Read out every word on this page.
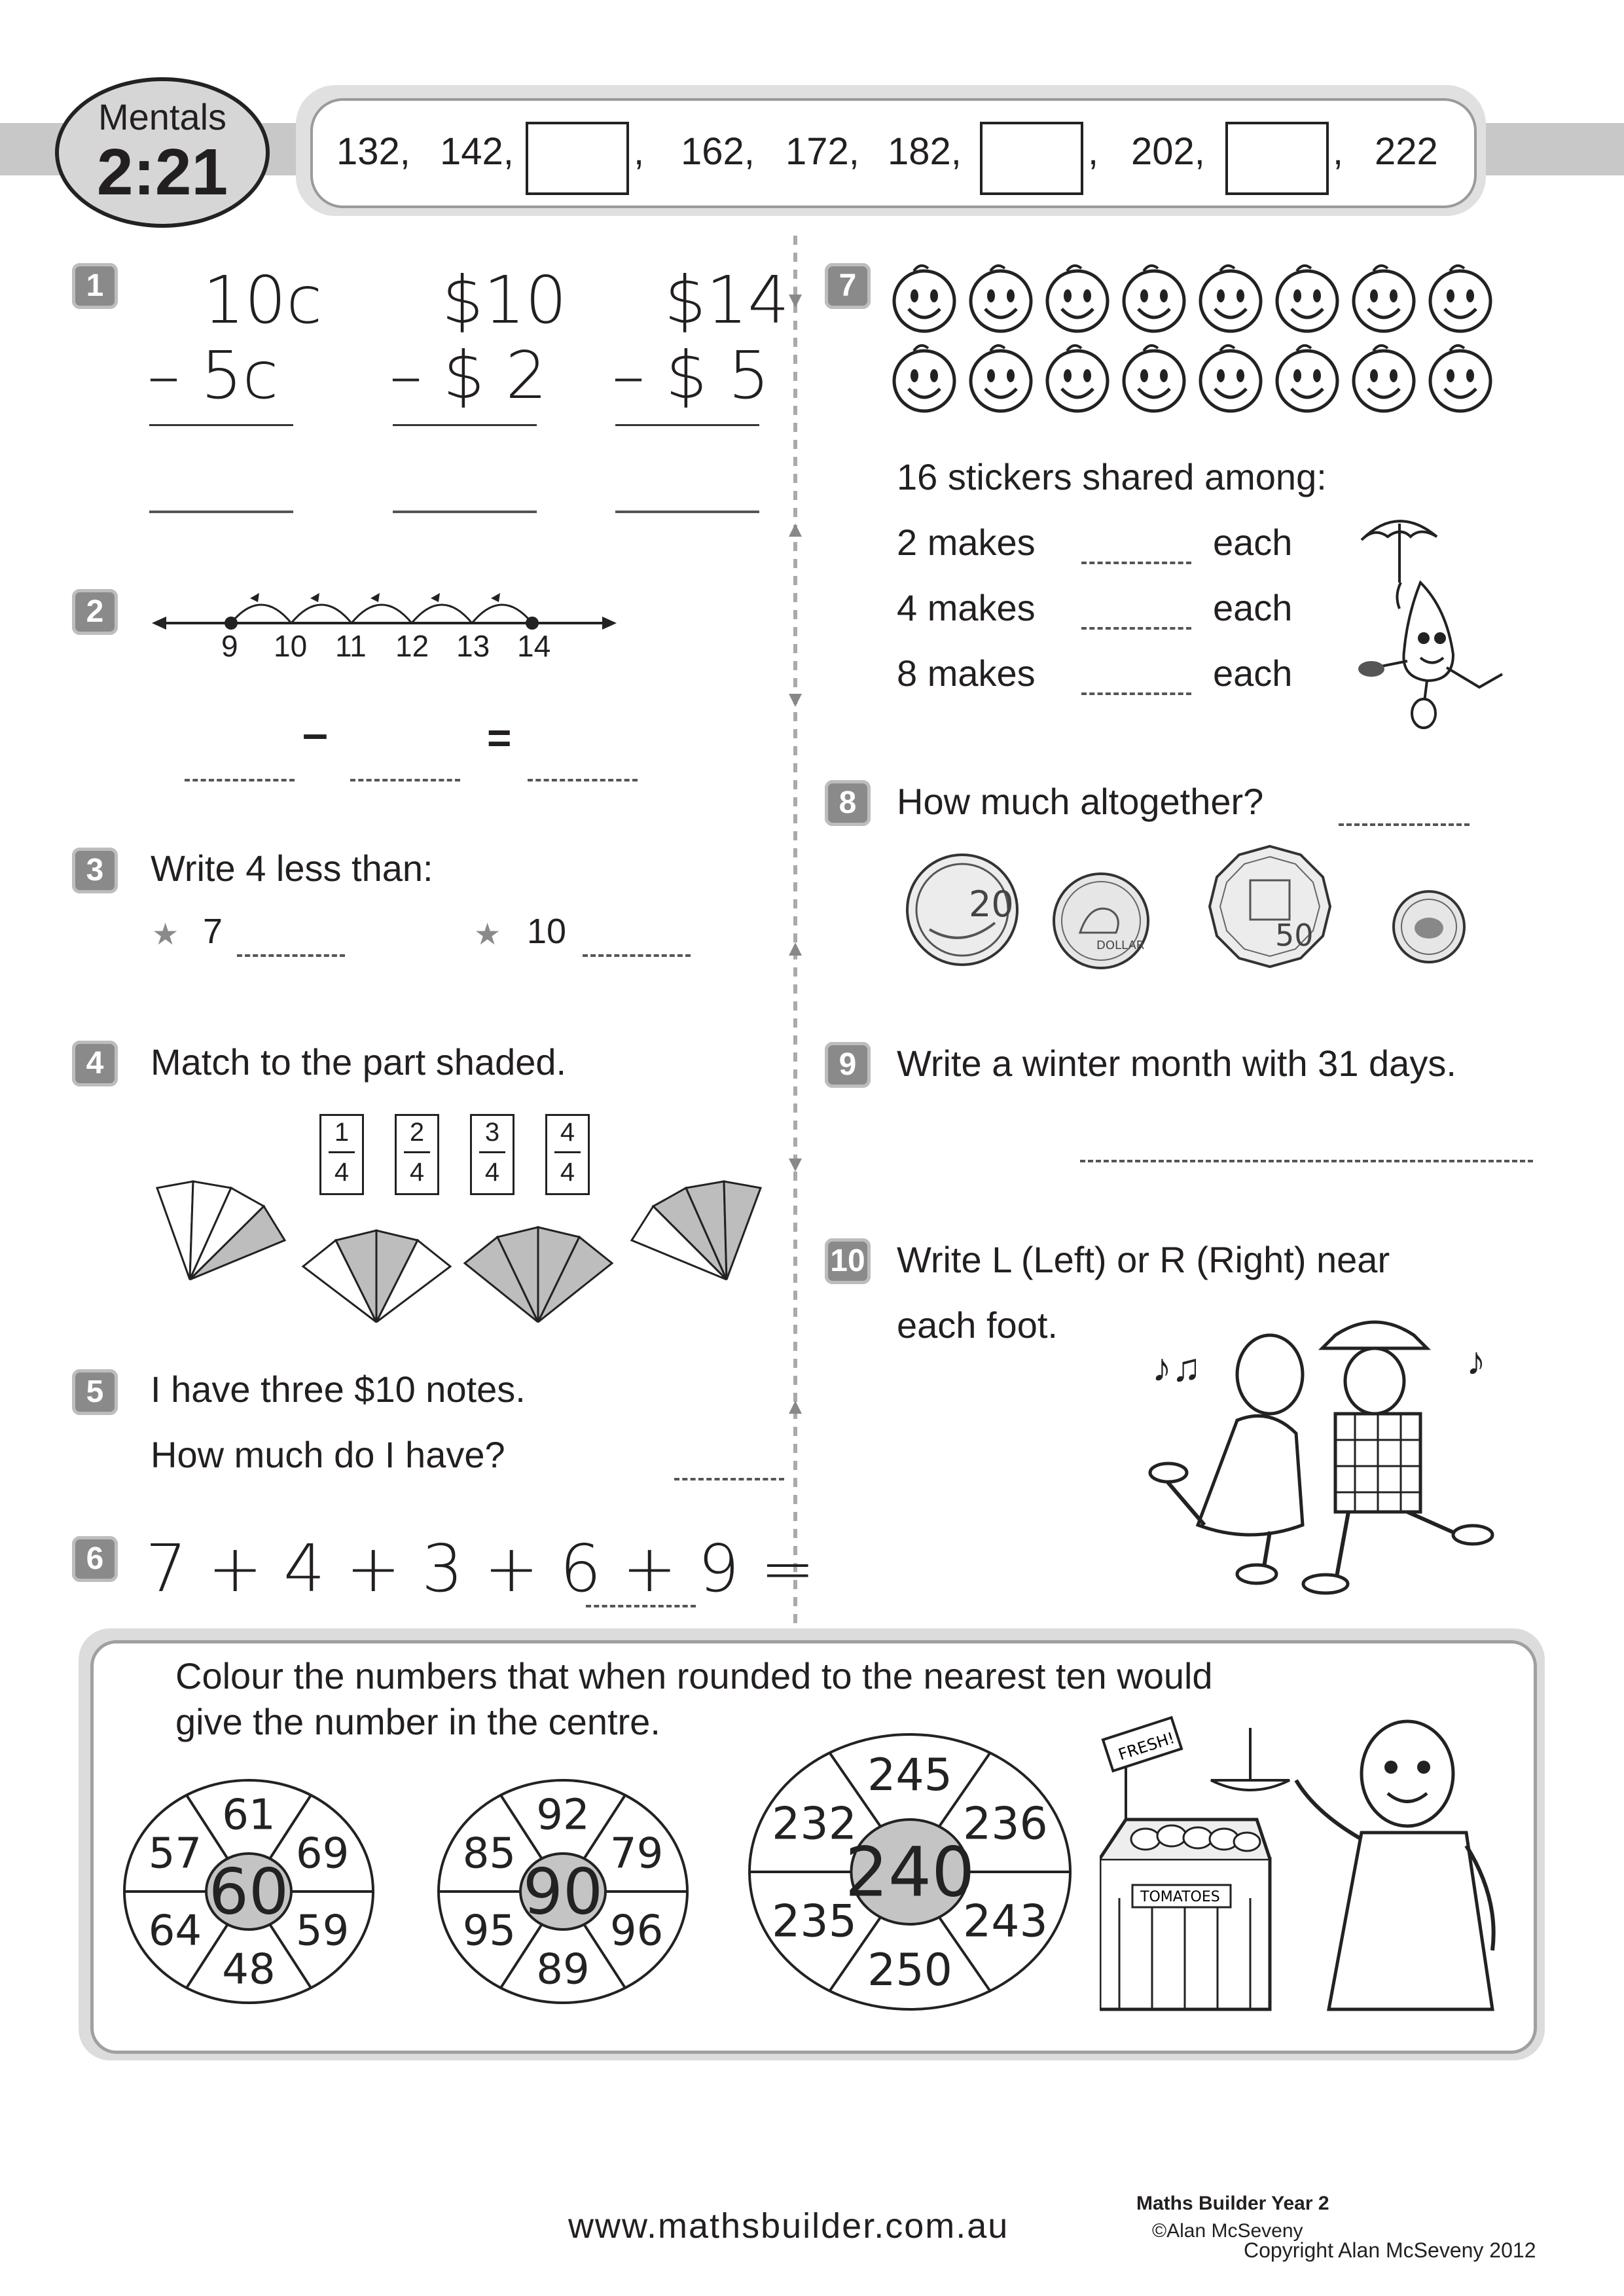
Mentals
2:21	132, 142,	, 162, 172, 182,	, 202,	, 222
1 10c
– 5c
$10
– $ 2
$14
– $ 5
2
9 10 11 12 13 14
–	=
3	Write 4 less than:
★ 7	★ 10
4	Match to the part shaded.
1
4
2
4
3
4
4
4
5	I have three $10 notes.
How much do I have?
6 7 + 4 + 3 + 6 + 9 =
7
16 stickers shared among:
2 makes	each
4 makes	each
8 makes	each
8	How much altogether?
20
DOLLAR	50
9	Write a winter month with 31 days.
10 Write L (Left) or R (Right) near
each foot.
♪♫	♪
Colour the numbers that when rounded to the nearest ten would
give the number in the centre.
60
61
69
59
48
64
57
90
92
79
96
89
95
85	240
245
236
243
250
235
232
TOMATOES
FRESH!
www.mathsbuilder.com.au
Maths Builder Year 2
©Alan McSeveny
Copyright Alan McSeveny 2012
